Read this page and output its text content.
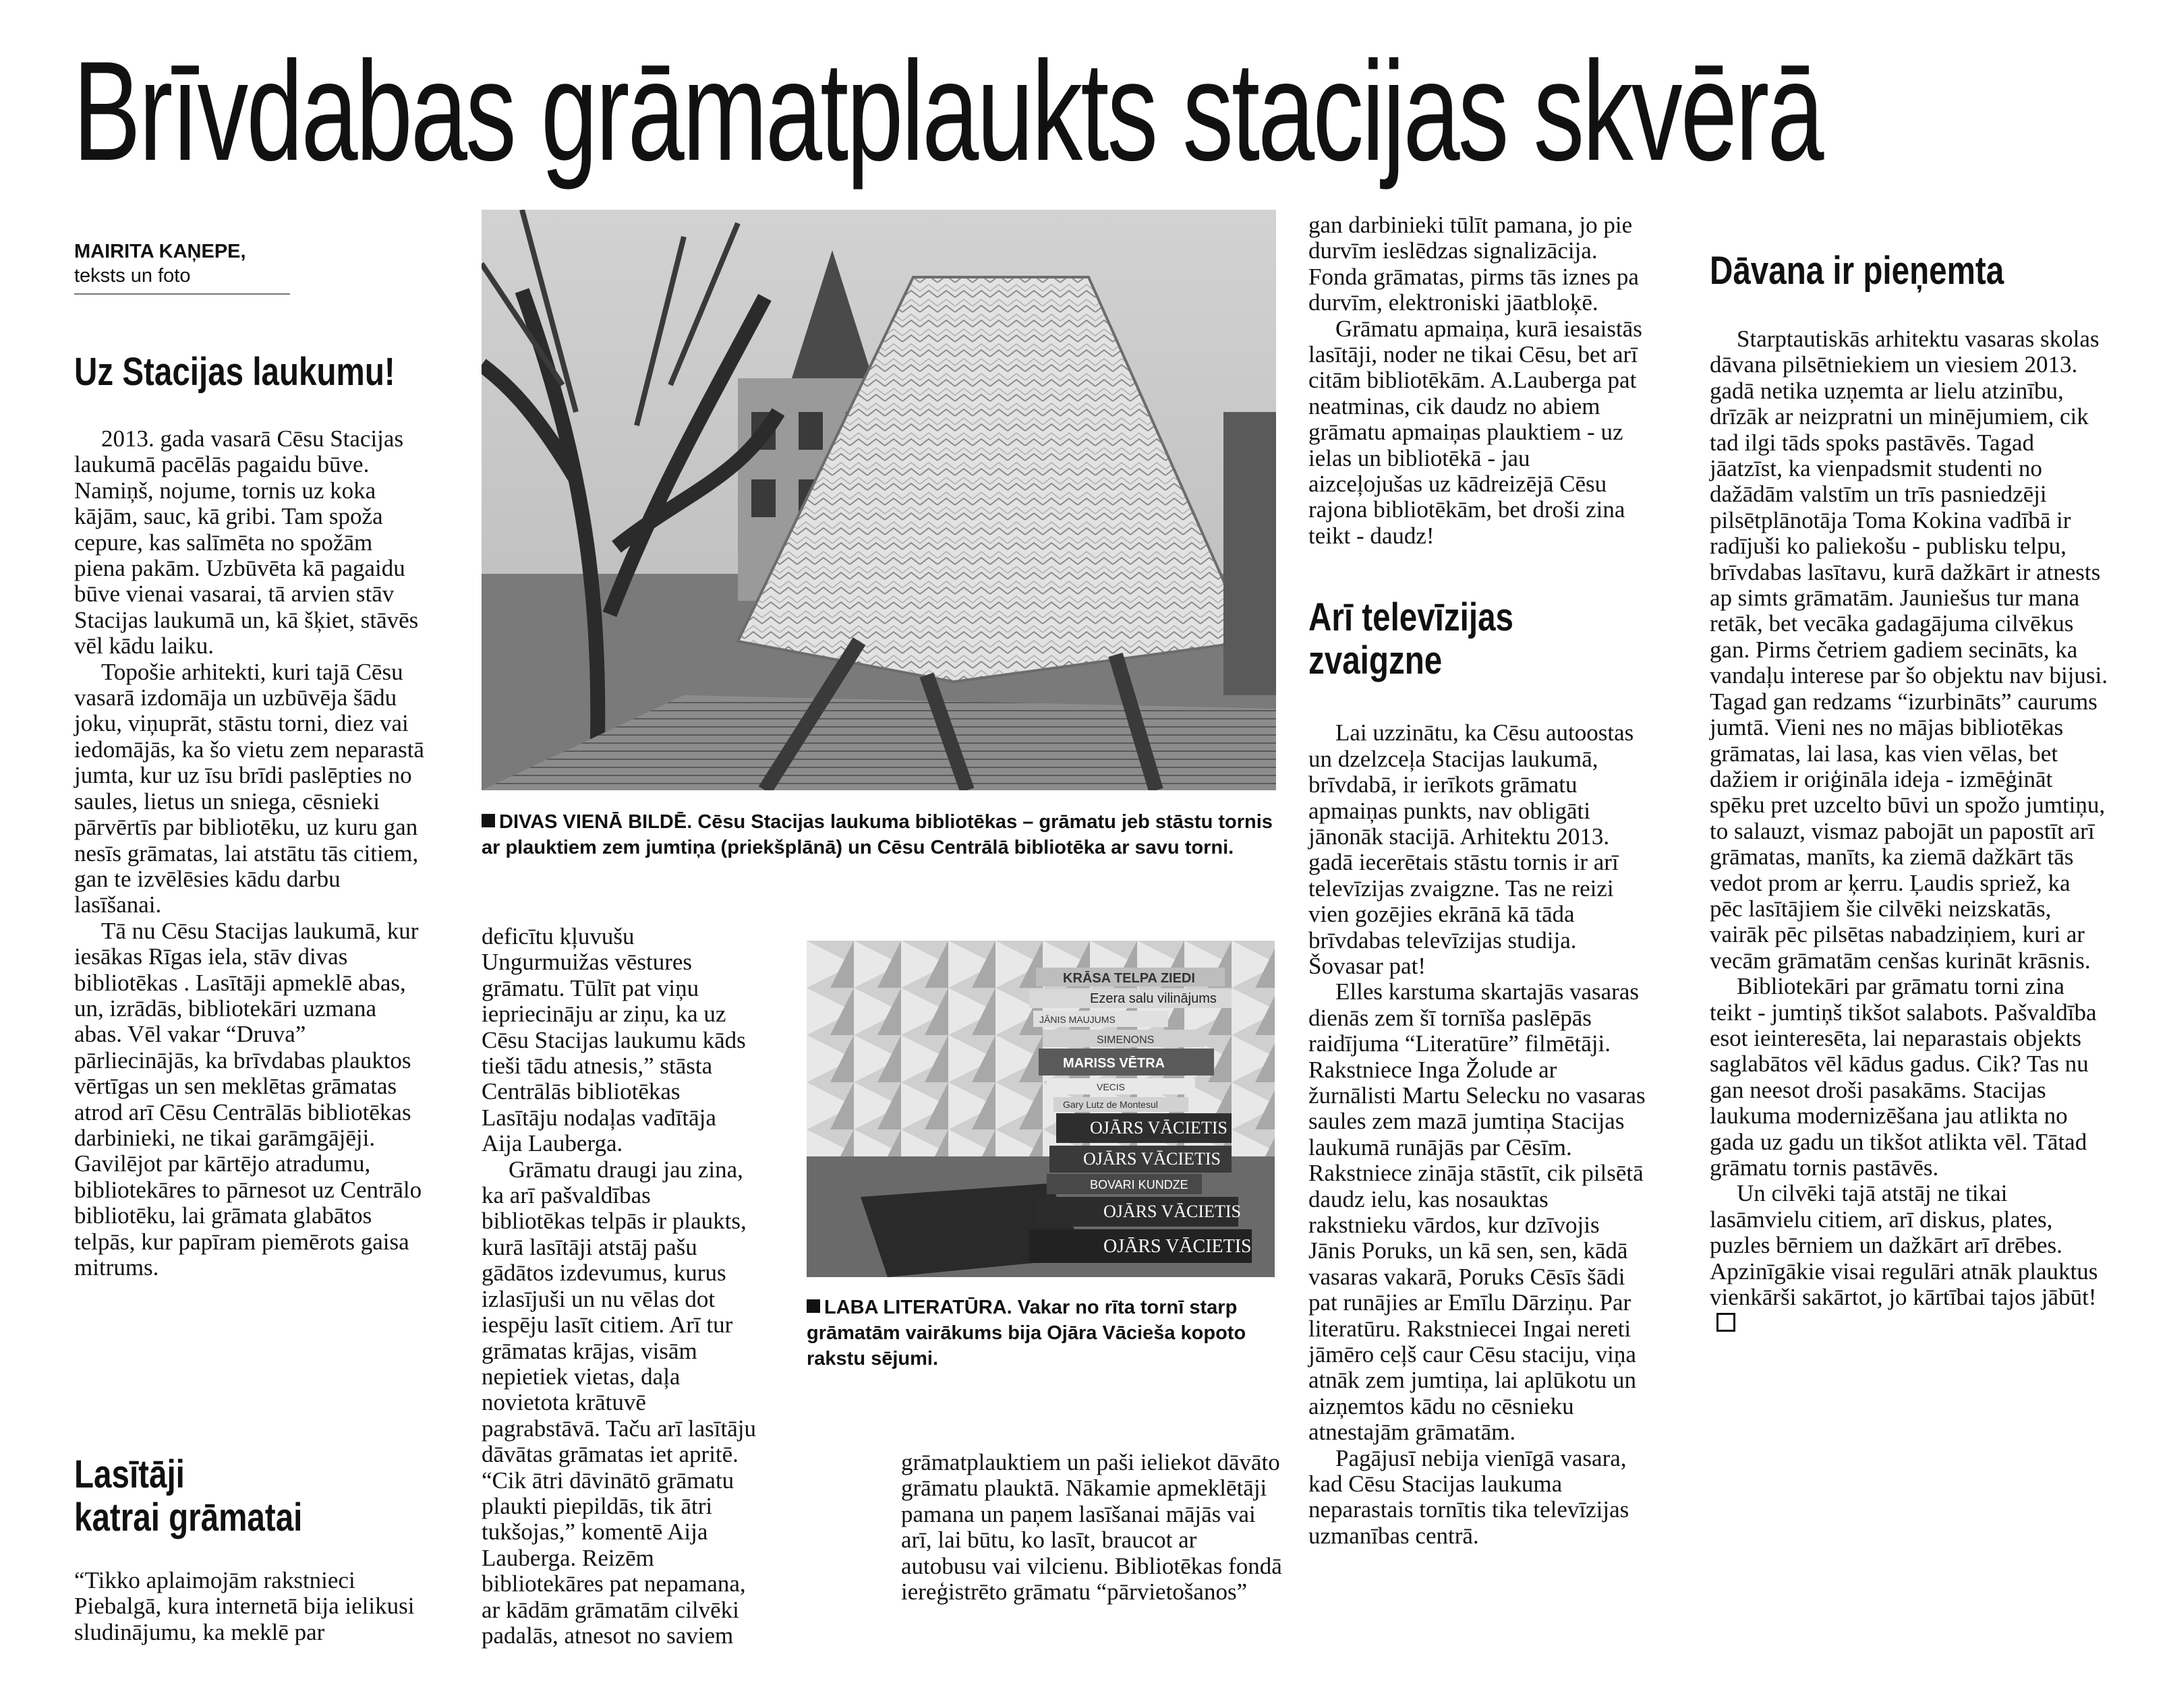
Brīvdabas grāmatplaukts stacijas skvērā
MAIRITA KAŅEPE,
teksts un foto
Uz Stacijas laukumu!

2013. gada vasarā Cēsu Stacijas laukumā pacēlās pagaidu būve. Namiņš, nojume, tornis uz koka kājām, sauc, kā gribi. Tam spoža cepure, kas salīmēta no spožām piena pakām. Uzbūvēta kā pagaidu būve vienai vasarai, tā arvien stāv Stacijas laukumā un, kā šķiet, stāvēs vēl kādu laiku.

Topošie arhitekti, kuri tajā Cēsu vasarā izdomāja un uzbūvēja šādu joku, viņuprāt, stāstu torni, diez vai iedomājās, ka šo vietu zem neparastā jumta, kur uz īsu brīdi paslēpties no saules, lietus un sniega, cēsnieki pārvērtīs par bibliotēku, uz kuru gan nesīs grāmatas, lai atstātu tās citiem, gan te izvēlēsies kādu darbu lasīšanai.

Tā nu Cēsu Stacijas laukumā, kur iesākas Rīgas iela, stāv divas bibliotēkas . Lasītāji apmeklē abas, un, izrādās, bibliotekāri uzmana abas. Vēl vakar “Druva” pārliecinājās, ka brīvdabas plauktos vērtīgas un sen meklētas grāmatas atrod arī Cēsu Centrālās bibliotēkas darbinieki, ne tikai garāmgājēji. Gavilējot par kārtējo atradumu, bibliotekāres to pārnesot uz Centrālo bibliotēku, lai grāmata glabātos telpās, kur papīram piemērots gaisa mitrums.

Lasītāji
katrai grāmatai

“Tikko aplaimojām rakstnieci Piebalgā, kura internetā bija ielikusi sludinājumu, ka meklē par

DIVAS VIENĀ BILDĒ. Cēsu Stacijas laukuma bibliotēkas – grāmatu jeb stāstu tornis ar plauktiem zem jumtiņa (priekšplānā) un Cēsu Centrālā bibliotēka ar savu torni.

deficītu kļuvušu Ungurmuižas vēstures grāmatu. Tūlīt pat viņu iepriecināju ar ziņu, ka uz Cēsu Stacijas laukumu kāds tieši tādu atnesis,” stāsta Centrālās bibliotēkas Lasītāju nodaļas vadītāja Aija Lauberga.

Grāmatu draugi jau zina, ka arī pašvaldības bibliotēkas telpās ir plaukts, kurā lasītāji atstāj pašu gādātos izdevumus, kurus izlasījuši un nu vēlas dot iespēju lasīt citiem. Arī tur grāmatas krājas, visām nepietiek vietas, daļa novietota krātuvē pagrabstāvā. Taču arī lasītāju dāvātas grāmatas iet apritē. “Cik ātri dāvinātō grāmatu plaukti piepildās, tik ātri tukšojas,” komentē Aija Lauberga. Reizēm bibliotekāres pat nepamana, ar kādām grāmatām cilvēki padalās, atnesot no saviem

KRĀSA TELPA ZIEDI
Ezera salu vilinājums
JĀNIS MAUJUMS
SIMENONS
MARISS VĒTRA
VECIS
Gary Lutz de Montesul
OJĀRS VĀCIETIS
OJĀRS VĀCIETIS
BOVARI KUNDZE
OJĀRS VĀCIETIS
OJĀRS VĀCIETIS
LABA LITERATŪRA. Vakar no rīta tornī starp grāmatām vairākums bija Ojāra Vācieša kopoto rakstu sējumi.

grāmatplauktiem un paši ieliekot dāvāto grāmatu plauktā. Nākamie apmeklētāji pamana un paņem lasīšanai mājās vai arī, lai būtu, ko lasīt, braucot ar autobusu vai vilcienu. Bibliotēkas fondā iereģistrēto grāmatu “pārvietošanos”

gan darbinieki tūlīt pamana, jo pie durvīm ieslēdzas signalizācija. Fonda grāmatas, pirms tās iznes pa durvīm, elektroniski jāatbloķē.

Grāmatu apmaiņa, kurā iesaistās lasītāji, noder ne tikai Cēsu, bet arī citām bibliotēkām. A.Lauberga pat neatminas, cik daudz no abiem grāmatu apmaiņas plauktiem - uz ielas un bibliotēkā - jau aizceļojušas uz kādreizējā Cēsu rajona bibliotēkām, bet droši zina teikt - daudz!

Arī televīzijas
zvaigzne

Lai uzzinātu, ka Cēsu autoostas un dzelzceļa Stacijas laukumā, brīvdabā, ir ierīkots grāmatu apmaiņas punkts, nav obligāti jānonāk stacijā. Arhitektu 2013. gadā iecerētais stāstu tornis ir arī televīzijas zvaigzne. Tas ne reizi vien gozējies ekrānā kā tāda brīvdabas televīzijas studija. Šovasar pat!

Elles karstuma skartajās vasaras dienās zem šī tornīša paslēpās raidījuma “Literatūre” filmētāji. Rakstniece Inga Žolude ar žurnālisti Martu Selecku no vasaras saules zem mazā jumtiņa Stacijas laukumā runājās par Cēsīm. Rakstniece zināja stāstīt, cik pilsētā daudz ielu, kas nosauktas rakstnieku vārdos, kur dzīvojis Jānis Poruks, un kā sen, sen, kādā vasaras vakarā, Poruks Cēsīs šādi pat runājies ar Emīlu Dārziņu. Par literatūru. Rakstniecei Ingai nereti jāmēro ceļš caur Cēsu staciju, viņa atnāk zem jumtiņa, lai aplūkotu un aizņemtos kādu no cēsnieku atnestajām grāmatām.

Pagājusī nebija vienīgā vasara, kad Cēsu Stacijas laukuma neparastais tornītis tika televīzijas uzmanības centrā.

Dāvana ir pieņemta

Starptautiskās arhitektu vasaras skolas dāvana pilsētniekiem un viesiem 2013. gadā netika uzņemta ar lielu atzinību, drīzāk ar neizpratni un minējumiem, cik tad ilgi tāds spoks pastāvēs. Tagad jāatzīst, ka vienpadsmit studenti no dažādām valstīm un trīs pasniedzēji pilsētplānotāja Toma Kokina vadībā ir radījuši ko paliekošu - publisku telpu, brīvdabas lasītavu, kurā dažkārt ir atnests ap simts grāmatām. Jauniešus tur mana retāk, bet vecāka gadagājuma cilvēkus gan. Pirms četriem gadiem secināts, ka vandaļu interese par šo objektu nav bijusi. Tagad gan redzams “izurbināts” caurums jumtā. Vieni nes no mājas bibliotēkas grāmatas, lai lasa, kas vien vēlas, bet dažiem ir oriģināla ideja - izmēģināt spēku pret uzcelto būvi un spožo jumtiņu, to salauzt, vismaz pabojāt un papostīt arī grāmatas, manīts, ka ziemā dažkārt tās vedot prom ar ķerru. Ļaudis spriež, ka pēc lasītājiem šie cilvēki neizskatās, vairāk pēc pilsētas nabadziņiem, kuri ar vecām grāmatām cenšas kurināt krāsnis.

Bibliotekāri par grāmatu torni zina teikt - jumtiņš tikšot salabots. Pašvaldība esot ieinteresēta, lai neparastais objekts saglabātos vēl kādus gadus. Cik? Tas nu gan neesot droši pasakāms. Stacijas laukuma modernizēšana jau atlikta no gada uz gadu un tikšot atlikta vēl. Tātad grāmatu tornis pastāvēs.

Un cilvēki tajā atstāj ne tikai lasāmvielu citiem, arī diskus, plates, puzles bērniem un dažkārt arī drēbes. Apzinīgākie visai regulāri atnāk plauktus vienkārši sakārtot, jo kārtībai tajos jābūt!
